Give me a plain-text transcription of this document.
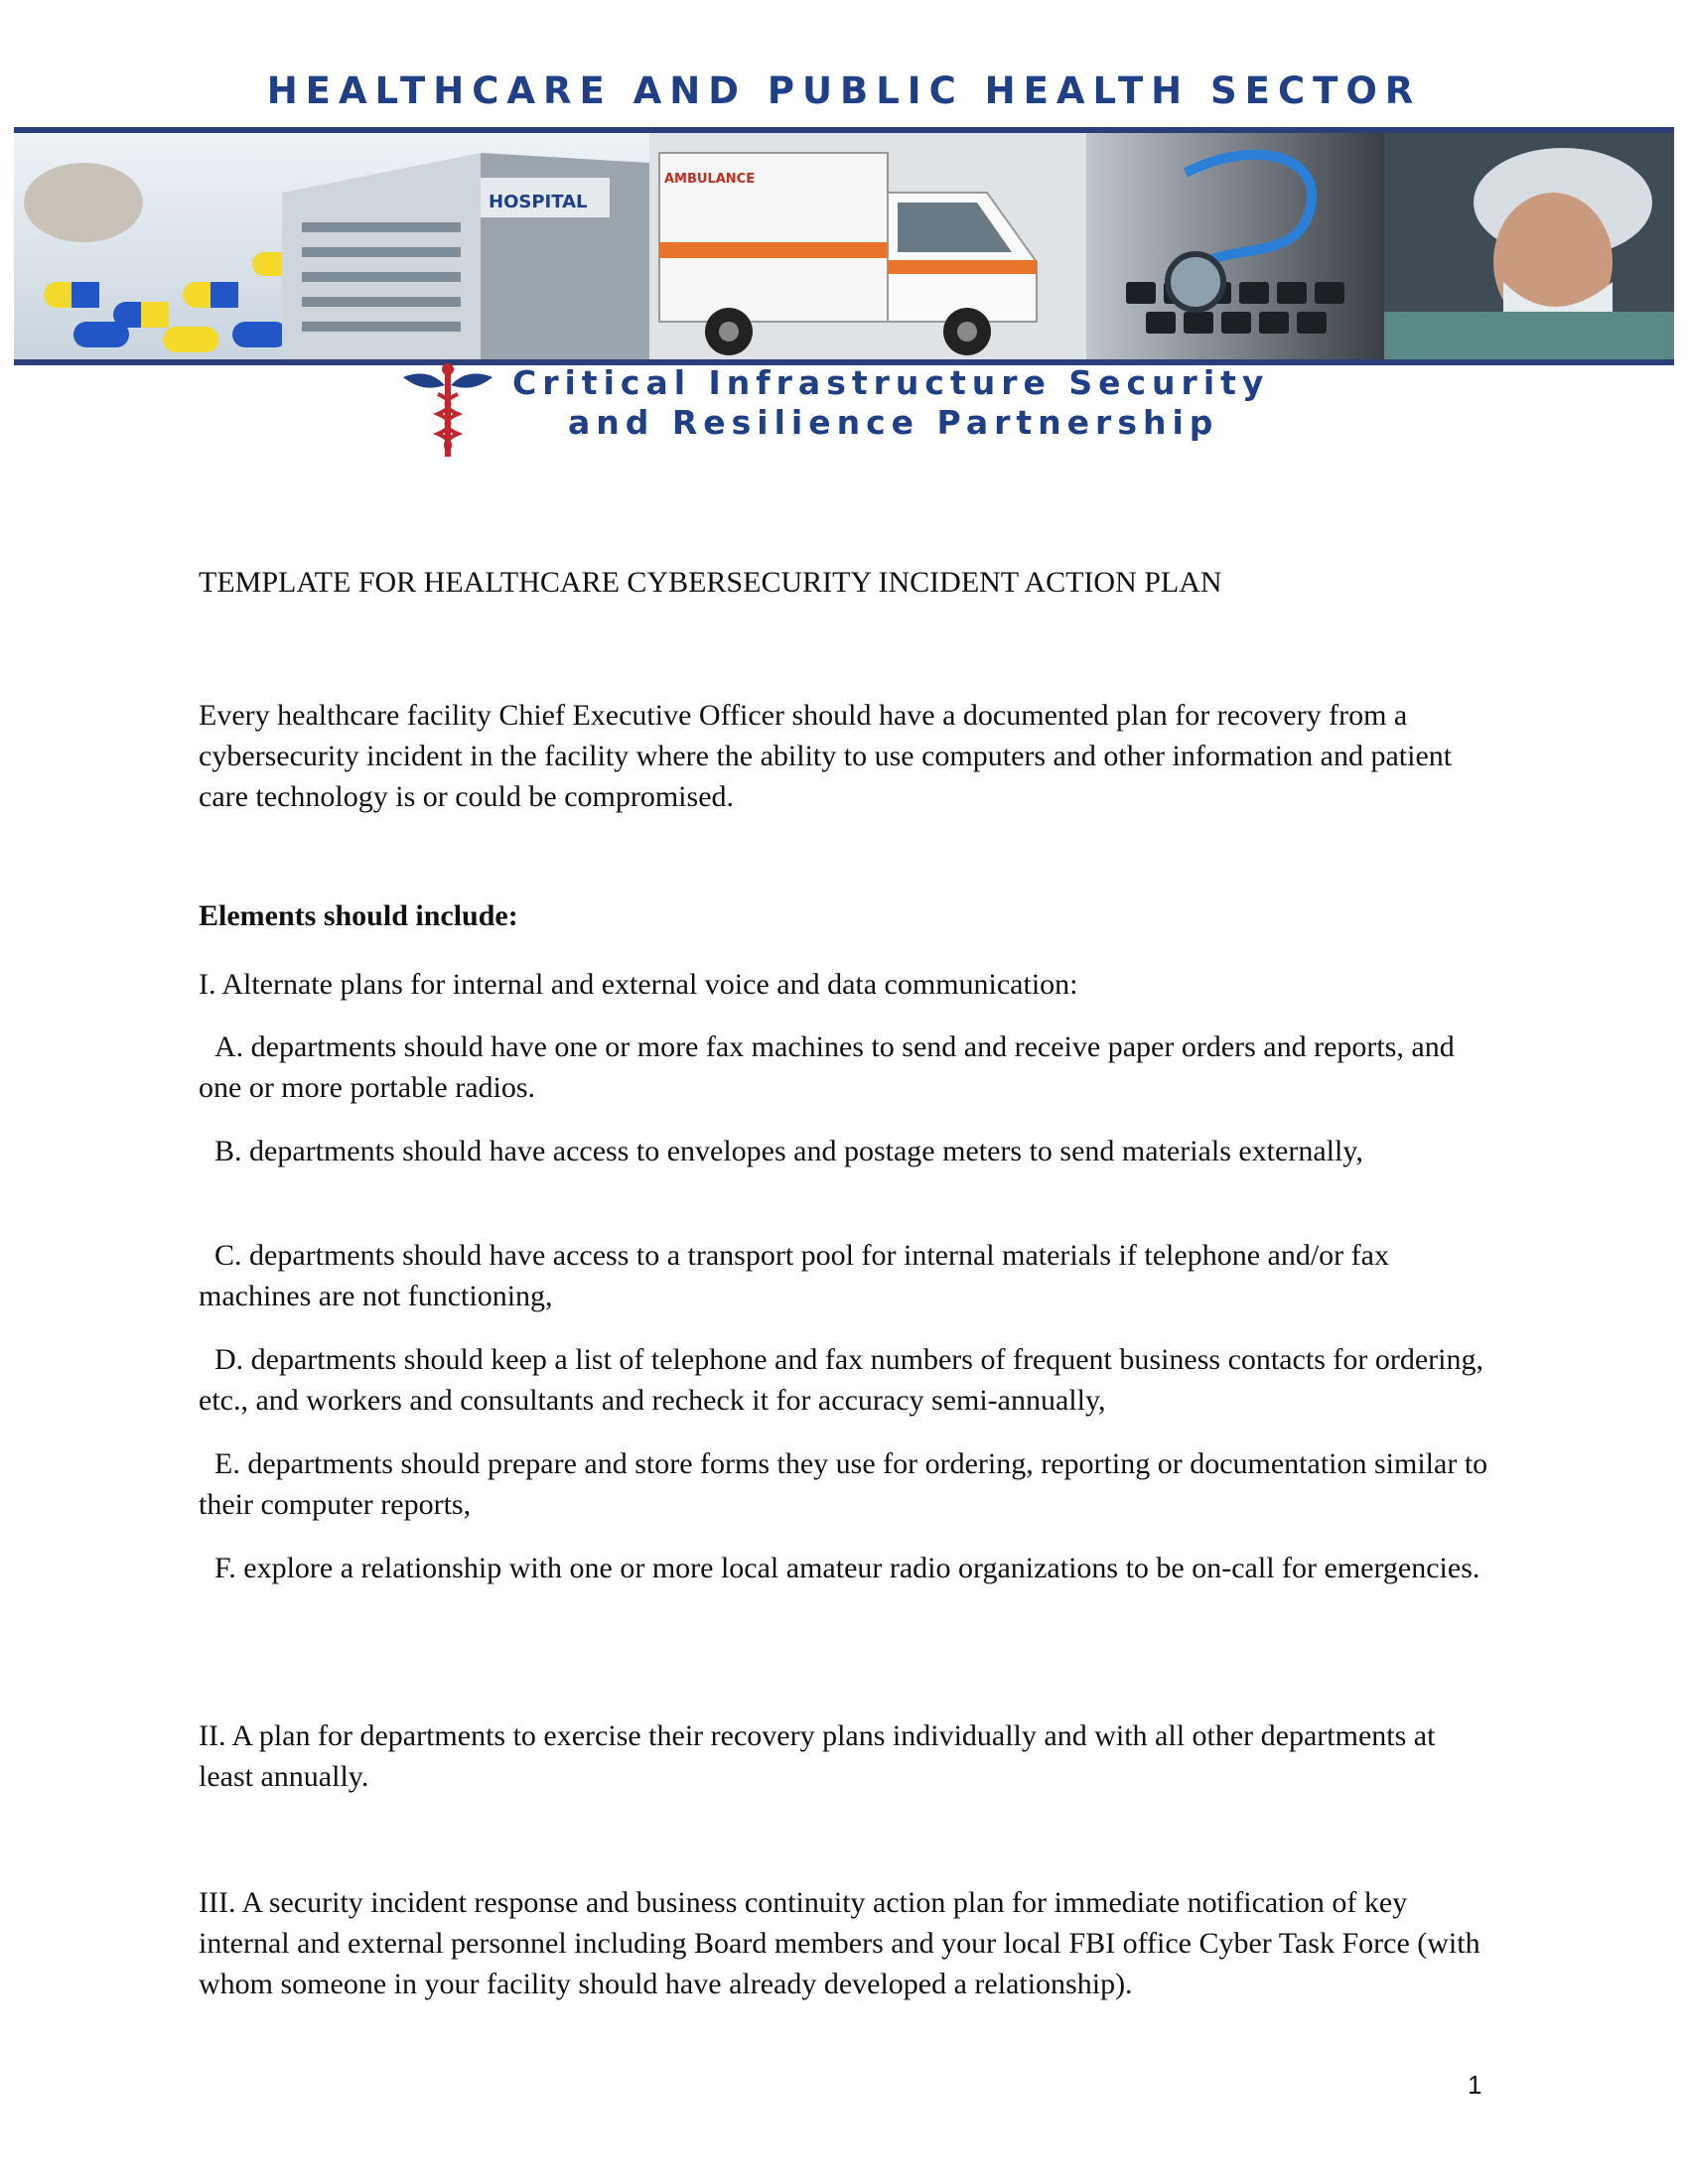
HEALTHCARE AND PUBLIC HEALTH SECTOR
HOSPITAL
AMBULANCE
Critical Infrastructure Security
and Resilience Partnership
TEMPLATE FOR HEALTHCARE CYBERSECURITY INCIDENT ACTION PLAN
Every healthcare facility Chief Executive Officer should have a documented plan for recovery from a cybersecurity incident in the facility where the ability to use computers and other information and patient care technology is or could be compromised.
Elements should include:
I. Alternate plans for internal and external voice and data communication:
A. departments should have one or more fax machines to send and receive paper orders and reports, and one or more portable radios.
B. departments should have access to envelopes and postage meters to send materials externally,
C. departments should have access to a transport pool for internal materials if telephone and/or fax machines are not functioning,
D. departments should keep a list of telephone and fax numbers of frequent business contacts for ordering, etc., and workers and consultants and recheck it for accuracy semi-annually,
E. departments should prepare and store forms they use for ordering, reporting or documentation similar to their computer reports,
F. explore a relationship with one or more local amateur radio organizations to be on-call for emergencies.
II. A plan for departments to exercise their recovery plans individually and with all other departments at least annually.
III. A security incident response and business continuity action plan for immediate notification of key internal and external personnel including Board members and your local FBI office Cyber Task Force (with whom someone in your facility should have already developed a relationship).
1
